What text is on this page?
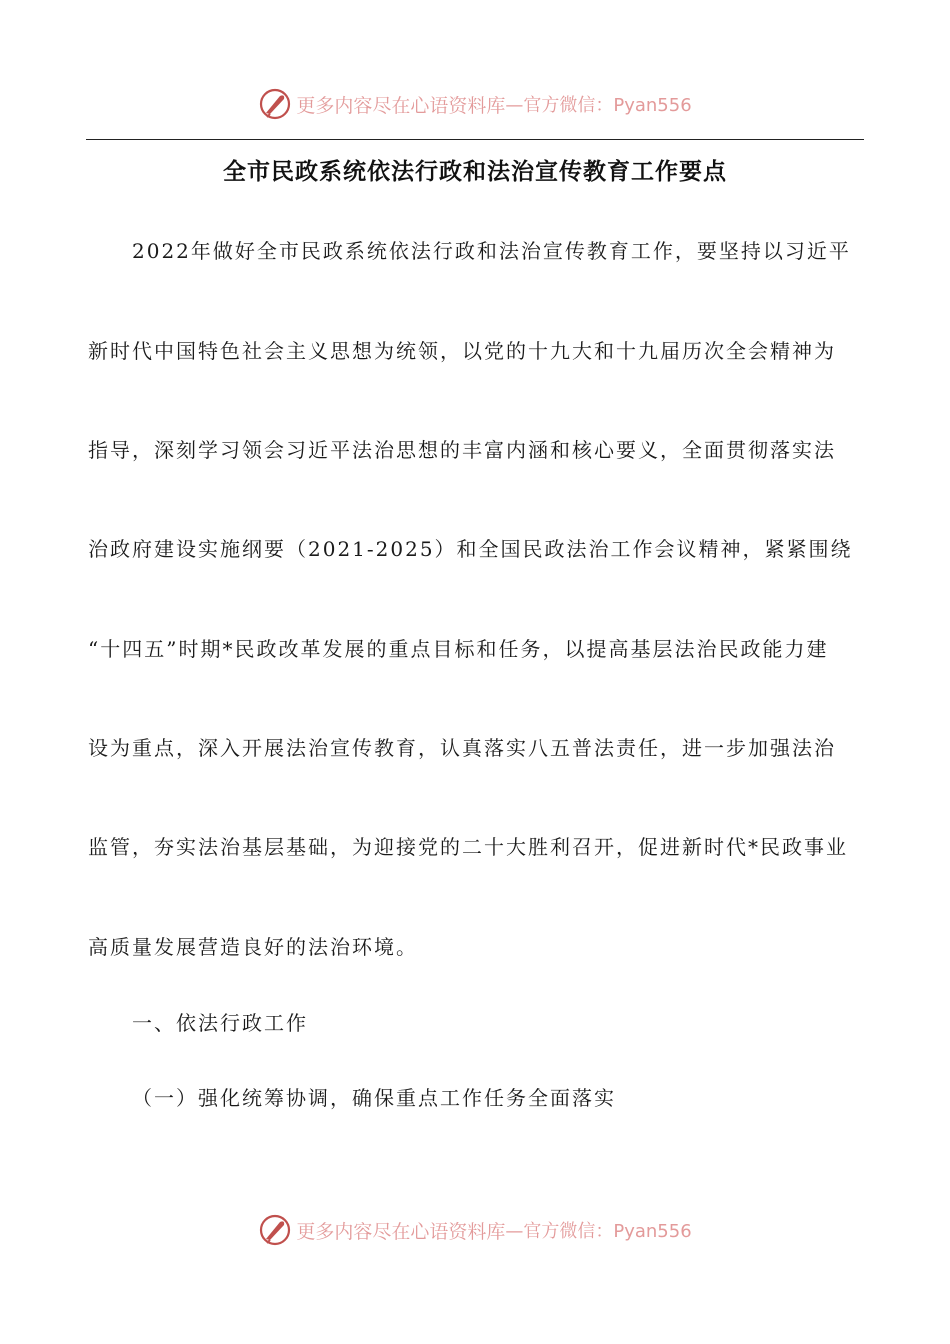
更多内容尽在心语资料库 —官方微信：Pyan556
全市民政系统依法行政和法治宣传教育工作要点
2022年做好全市民政系统依法行政和法治宣传教育工作，要坚持以习近平
新时代中国特色社会主义思想为统领，以党的十九大和十九届历次全会精神为
指导，深刻学习领会习近平法治思想的丰富内涵和核心要义，全面贯彻落实法
治政府建设实施纲要（2021-2025）和全国民政法治工作会议精神，紧紧围绕
“十四五”时期*民政改革发展的重点目标和任务，以提高基层法治民政能力建
设为重点，深入开展法治宣传教育，认真落实八五普法责任，进一步加强法治
监管，夯实法治基层基础，为迎接党的二十大胜利召开，促进新时代*民政事业
高质量发展营造良好的法治环境。
一、依法行政工作
（一）强化统筹协调，确保重点工作任务全面落实
更多内容尽在心语资料库 —官方微信：Pyan556
